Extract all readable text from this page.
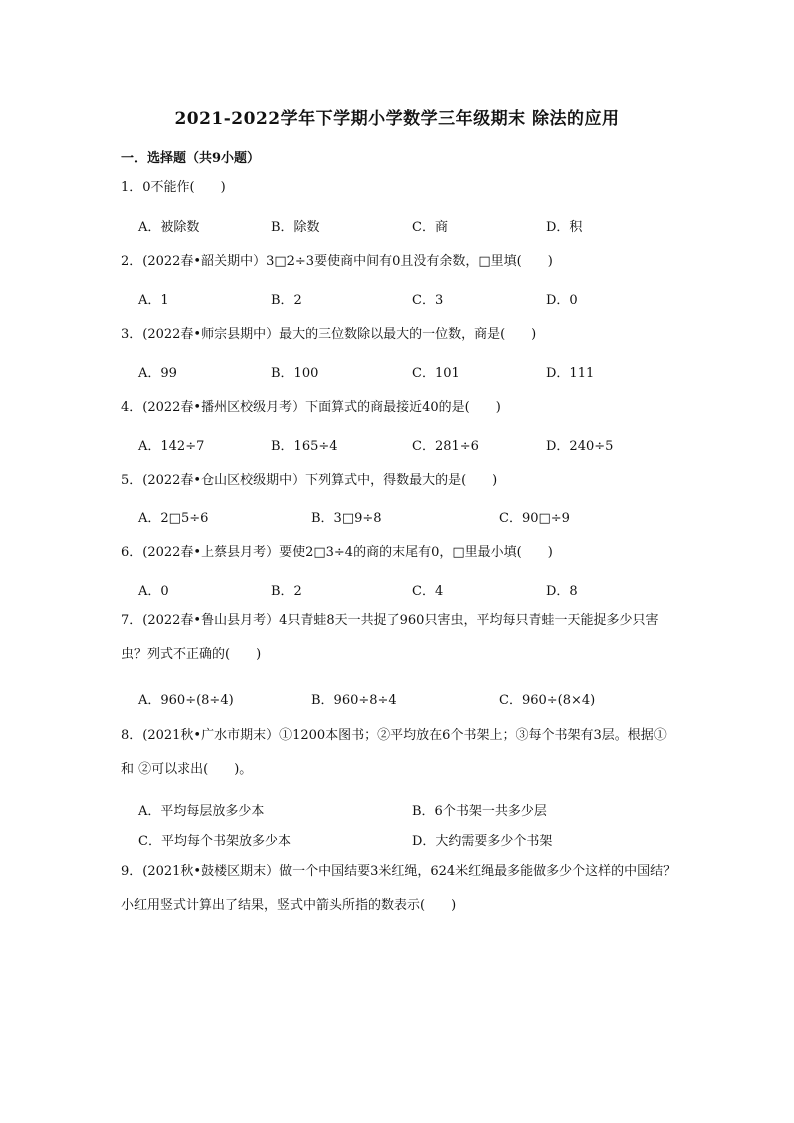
2021-2022学年下学期小学数学三年级期末 除法的应用
一．选择题（共9小题）
1．0不能作(　　)
A．被除数	B．除数	C．商	D．积
2．(2022春•韶关期中）3□2÷3要使商中间有0且没有余数，□里填(　　)
A．1	B．2	C．3	D．0
3．(2022春•师宗县期中）最大的三位数除以最大的一位数，商是(　　)
A．99	B．100	C．101	D．111
4．(2022春•播州区校级月考）下面算式的商最接近40的是(　　)
A．142÷7	B．165÷4	C．281÷6	D．240÷5
5．(2022春•仓山区校级期中）下列算式中，得数最大的是(　　)
A．2□5÷6	B．3□9÷8	C．90□÷9
6．(2022春•上蔡县月考）要使2□3÷4的商的末尾有0，□里最小填(　　)
A．0	B．2	C．4	D．8
7．(2022春•鲁山县月考）4只青蛙8天一共捉了960只害虫，平均每只青蛙一天能捉多少只害虫？列式不正确的(　　)
A．960÷(8÷4)	B．960÷8÷4	C．960÷(8×4)
8．(2021秋•广水市期末）①1200本图书；②平均放在6个书架上；③每个书架有3层。根据①和 ②可以求出(　　)。
A．平均每层放多少本	B．6个书架一共多少层
C．平均每个书架放多少本	D．大约需要多少个书架
9．(2021秋•鼓楼区期末）做一个中国结要3米红绳，624米红绳最多能做多少个这样的中国结？小红用竖式计算出了结果，竖式中箭头所指的数表示(　　)
